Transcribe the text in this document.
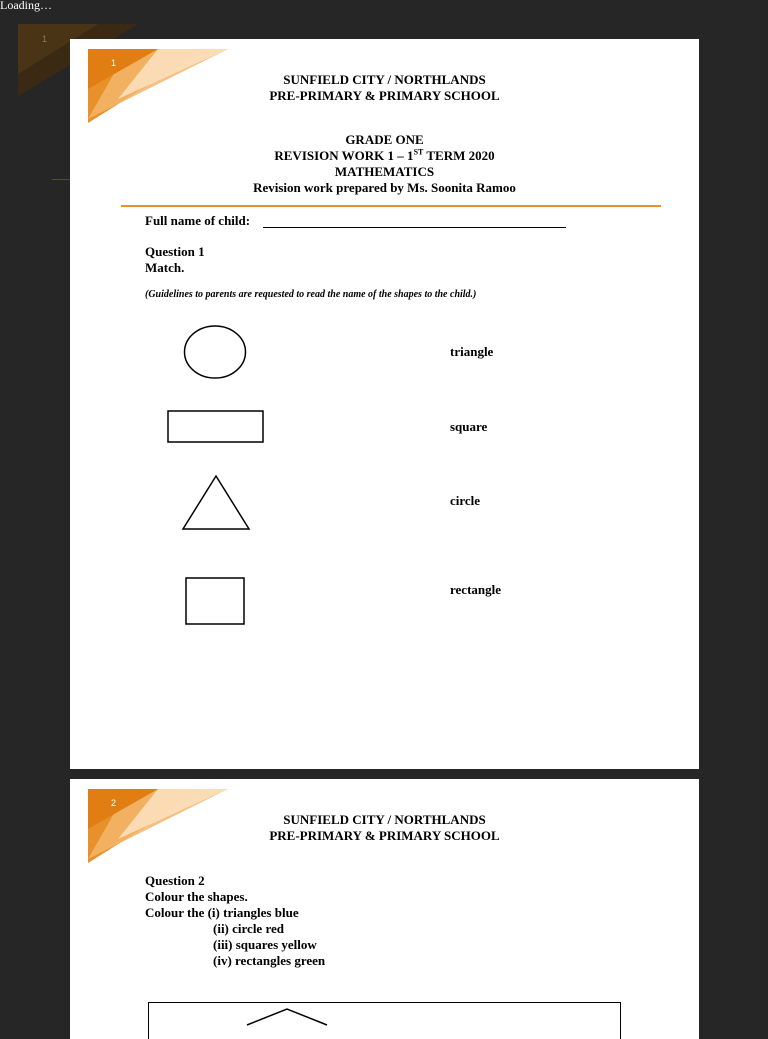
Loading…
1
1
SUNFIELD CITY / NORTHLANDS
PRE-PRIMARY & PRIMARY SCHOOL
GRADE ONE
REVISION WORK 1 – 1ST TERM 2020
MATHEMATICS
Revision work prepared by Ms. Soonita Ramoo
Full name of child:
Question 1
Match.
(Guidelines to parents are requested to read the name of the shapes to the child.)
triangle
square
circle
rectangle
2
SUNFIELD CITY / NORTHLANDS
PRE-PRIMARY & PRIMARY SCHOOL
Question 2
Colour the shapes.
Colour the (i) triangles blue
(ii) circle red
(iii) squares yellow
(iv) rectangles green
